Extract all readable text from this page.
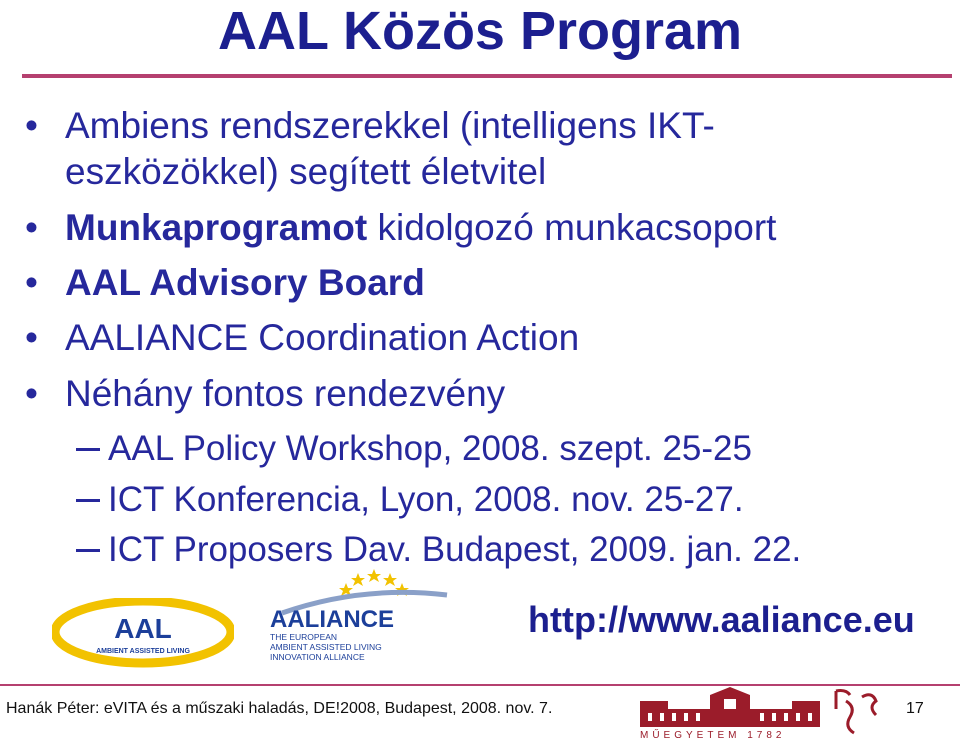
AAL Közös Program
• Ambiens rendszerekkel (intelligens IKT-
eszközökkel) segített életvitel
• Munkaprogramot kidolgozó munkacsoport
• AAL Advisory Board
• AALIANCE Coordination Action
• Néhány fontos rendezvény
AAL Policy Workshop, 2008. szept. 25-25
ICT Konferencia, Lyon, 2008. nov. 25-27.
ICT Proposers Dav. Budapest, 2009. jan. 22.
AAL
AMBIENT ASSISTED LIVING
AALIANCE
THE EUROPEAN
AMBIENT ASSISTED LIVING
INNOVATION ALLIANCE
http://www.aaliance.eu
Hanák Péter: eVITA és a műszaki haladás, DE!2008, Budapest, 2008. nov. 7.
MŰEGYETEM 1782
17
